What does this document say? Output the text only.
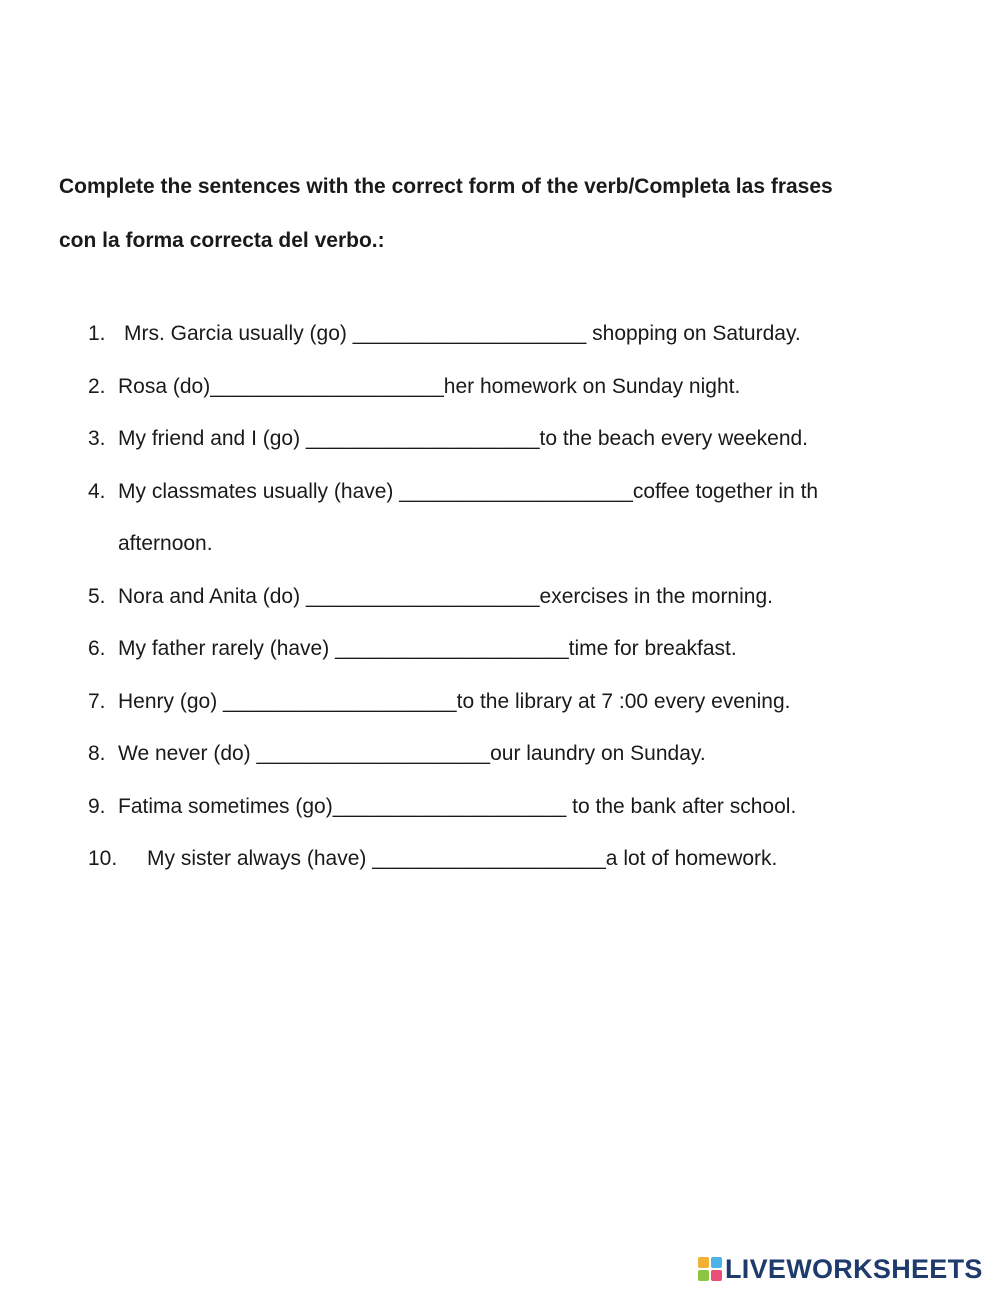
Complete the sentences with the correct form of the verb/Completa las frases
con la forma correcta del verbo.:

1. Mrs. Garcia usually (go) ____________________ shopping on Saturday.
2. Rosa (do)____________________her homework on Sunday night.
3. My friend and I (go) ____________________to the beach every weekend.
4. My classmates usually (have) ____________________coffee together in th
afternoon.
5. Nora and Anita (do) ____________________exercises in the morning.
6. My father rarely (have) ____________________time for breakfast.
7. Henry (go) ____________________to the library at 7 :00 every evening.
8. We never (do) ____________________our laundry on Sunday.
9. Fatima sometimes (go)____________________ to the bank after school.
10. My sister always (have) ____________________a lot of homework.
LIVEWORKSHEETS
